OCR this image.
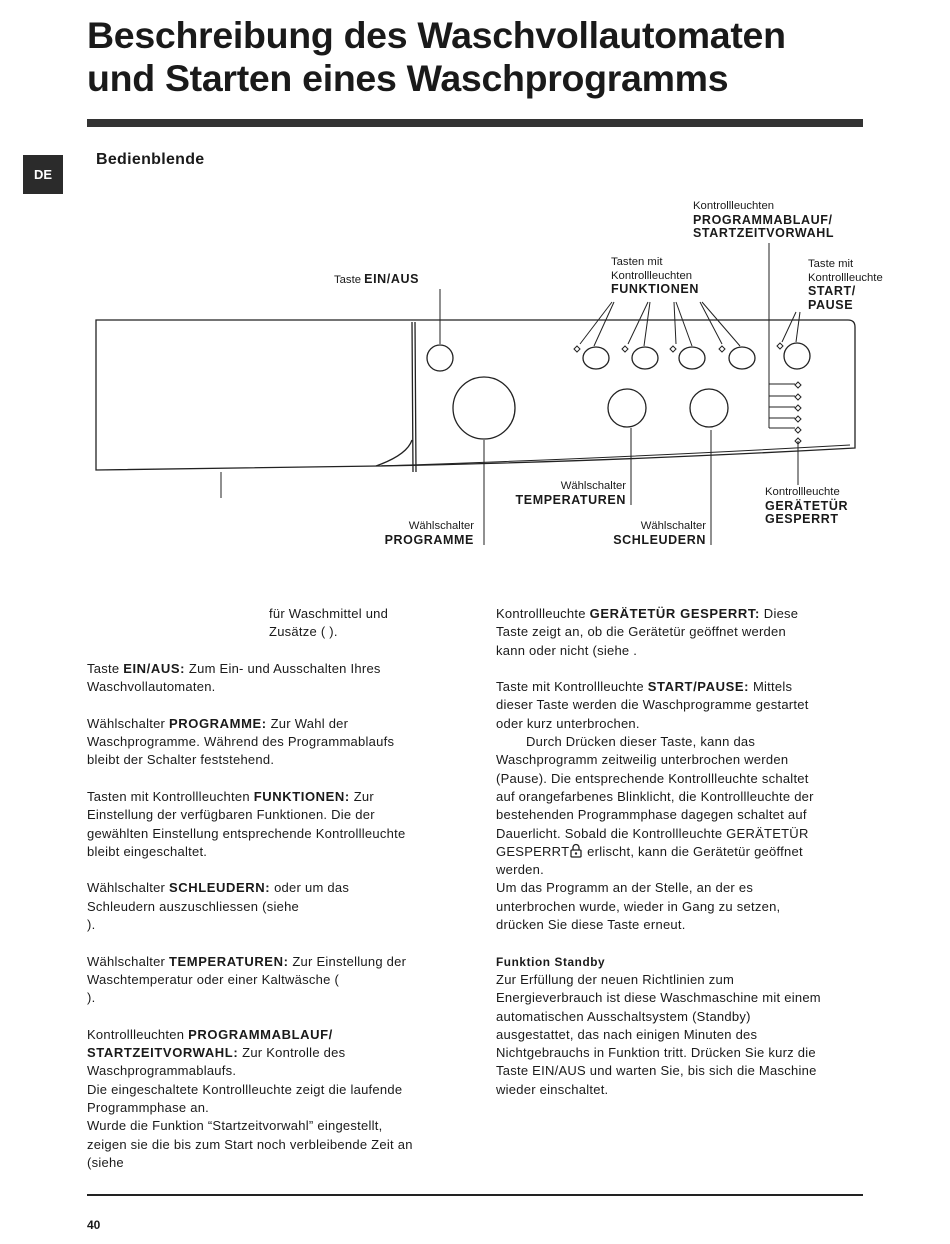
Beschreibung des Waschvollautomaten
und Starten eines Waschprogramms
DE
Bedienblende
Kontrollleuchten
PROGRAMMABLAUF/
STARTZEITVORWAHL
Taste EIN/AUS
Tasten mit
Kontrollleuchten
FUNKTIONEN
Taste mit
Kontrollleuchte
START/
PAUSE
Wählschalter
TEMPERATUREN
Kontrollleuchte
GERÄTETÜR
GESPERRT
Wählschalter
PROGRAMME
Wählschalter
SCHLEUDERN

für Waschmittel und
Zusätze ( ).

Taste EIN/AUS: Zum Ein- und Ausschalten Ihres
Waschvollautomaten.

Wählschalter PROGRAMME: Zur Wahl der
Waschprogramme. Während des Programmablaufs
bleibt der Schalter feststehend.

Tasten mit Kontrollleuchten FUNKTIONEN: Zur
Einstellung der verfügbaren Funktionen. Die der
gewählten Einstellung entsprechende Kontrollleuchte
bleibt eingeschaltet.

Wählschalter SCHLEUDERN: oder um das
Schleudern auszuschliessen (siehe
).

Wählschalter TEMPERATUREN: Zur Einstellung der
Waschtemperatur oder einer Kaltwäsche (
).

Kontrollleuchten PROGRAMMABLAUF/
STARTZEITVORWAHL: Zur Kontrolle des
Waschprogrammablaufs.
Die eingeschaltete Kontrollleuchte zeigt die laufende
Programmphase an.
Wurde die Funktion “Startzeitvorwahl” eingestellt,
zeigen sie die bis zum Start noch verbleibende Zeit an
(siehe

Kontrollleuchte GERÄTETÜR GESPERRT: Diese
Taste zeigt an, ob die Gerätetür geöffnet werden
kann oder nicht (siehe .

Taste mit Kontrollleuchte START/PAUSE: Mittels
dieser Taste werden die Waschprogramme gestartet
oder kurz unterbrochen.

Durch Drücken dieser Taste, kann das
Waschprogramm zeitweilig unterbrochen werden
(Pause). Die entsprechende Kontrollleuchte schaltet
auf orangefarbenes Blinklicht, die Kontrollleuchte der
bestehenden Programmphase dagegen schaltet auf
Dauerlicht. Sobald die Kontrollleuchte GERÄTETÜR
GESPERRT erlischt, kann die Gerätetür geöffnet
werden.

Um das Programm an der Stelle, an der es
unterbrochen wurde, wieder in Gang zu setzen,
drücken Sie diese Taste erneut.

Funktion Standby

Zur Erfüllung der neuen Richtlinien zum
Energieverbrauch ist diese Waschmaschine mit einem
automatischen Ausschaltsystem (Standby)
ausgestattet, das nach einigen Minuten des
Nichtgebrauchs in Funktion tritt. Drücken Sie kurz die
Taste EIN/AUS und warten Sie, bis sich die Maschine
wieder einschaltet.

40
